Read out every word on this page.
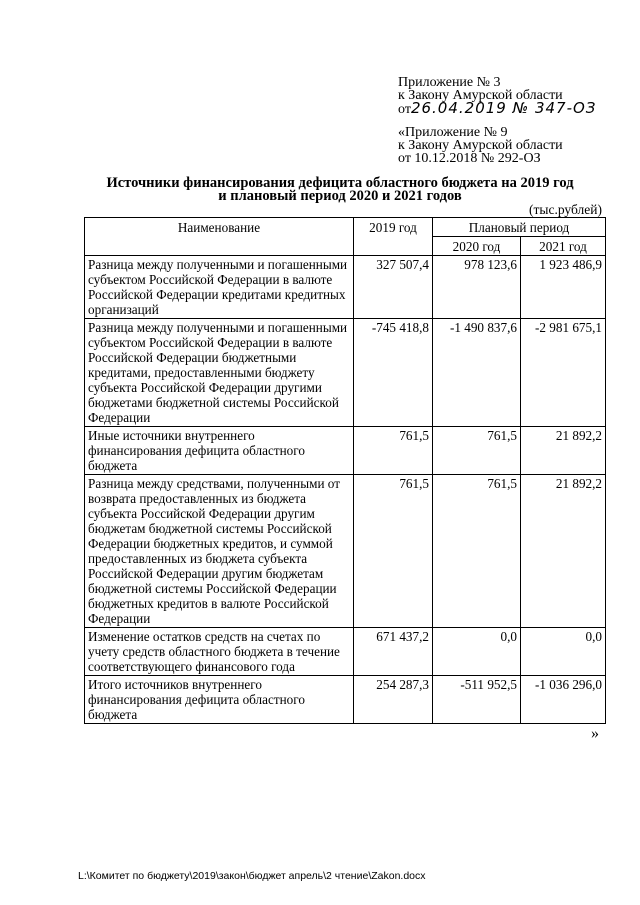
Приложение № 3
к Закону Амурской области
от26.04.2019 № 347-ОЗ
«Приложение № 9
к Закону Амурской области
от 10.12.2018 № 292-ОЗ
Источники финансирования дефицита областного бюджета на 2019 год
и плановый период 2020 и 2021 годов
(тыс.рублей)
Наименование	2019 год	Плановый период	
		2020 год	2021 год
Разница между полученными и погашенными субъектом Российской Федерации в валюте Российской Федерации кредитами кредитных организаций	327 507,4	978 123,6	1 923 486,9
Разница между полученными и погашенными субъектом Российской Федерации в валюте Российской Федерации бюджетными кредитами, предоставленными бюджету субъекта Российской Федерации другими бюджетами бюджетной системы Российской Федерации	-745 418,8	-1 490 837,6	-2 981 675,1
Иные источники внутреннего финансирования дефицита областного бюджета	761,5	761,5	21 892,2
Разница между средствами, полученными от возврата предоставленных из бюджета субъекта Российской Федерации другим бюджетам бюджетной системы Российской Федерации бюджетных кредитов, и суммой предоставленных из бюджета субъекта Российской Федерации другим бюджетам бюджетной системы Российской Федерации бюджетных кредитов в валюте Российской Федерации	761,5	761,5	21 892,2
Изменение остатков средств на счетах по учету средств областного бюджета в течение соответствующего финансового года	671 437,2	0,0	0,0
Итого источников внутреннего финансирования дефицита областного бюджета	254 287,3	-511 952,5	-1 036 296,0
»
L:\Комитет по бюджету\2019\закон\бюджет апрель\2 чтение\Zakon.docx
